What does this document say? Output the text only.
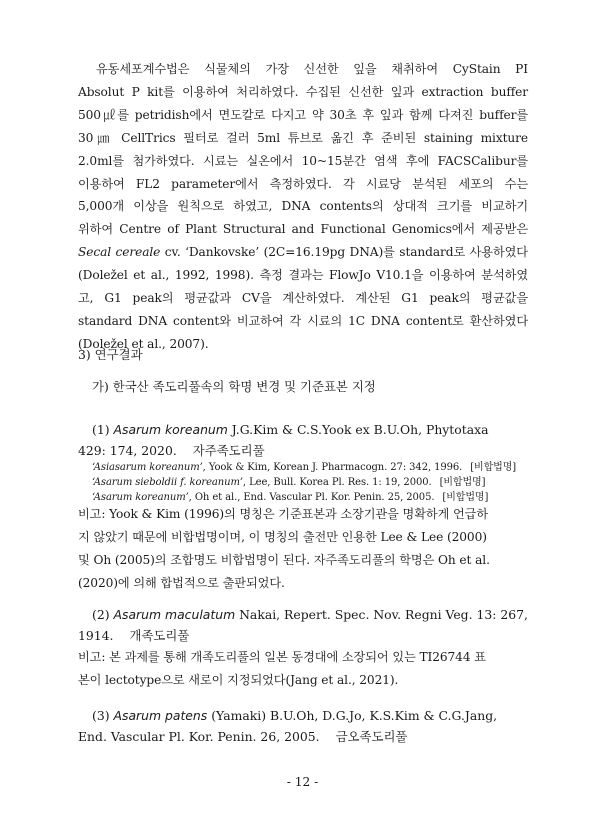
유동세포계수법은 식물체의 가장 신선한 잎을 채취하여 CyStain PI
Absolut P kit를 이용하여 처리하였다. 수집된 신선한 잎과 extraction buffer
500㎕를 petridish에서 면도칼로 다지고 약 30초 후 잎과 함께 다져진 buffer를
30㎛ CellTrics 필터로 걸러 5ml 튜브로 옮긴 후 준비된 staining mixture
2.0ml를 첨가하였다. 시료는 실온에서 10~15분간 염색 후에 FACSCalibur를
이용하여 FL2 parameter에서 측정하였다. 각 시료당 분석된 세포의 수는
5,000개 이상을 원칙으로 하였고, DNA contents의 상대적 크기를 비교하기
위하여 Centre of Plant Structural and Functional Genomics에서 제공받은
Secal cereale cv. ‘Dankovske’ (2C=16.19pg DNA)를 standard로 사용하였다
(Doležel et al., 1992, 1998). 측정 결과는 FlowJo V10.1을 이용하여 분석하였
고, G1 peak의 평균값과 CV을 계산하였다. 계산된 G1 peak의 평균값을
standard DNA content와 비교하여 각 시료의 1C DNA content로 환산하였다
(Doležel et al., 2007).
3) 연구결과
가) 한국산 족도리풀속의 학명 변경 및 기준표본 지정
(1) Asarum koreanum J.G.Kim & C.S.Yook ex B.U.Oh, Phytotaxa
429: 174, 2020. 자주족도리풀
‘Asiasarum koreanum’, Yook & Kim, Korean J. Pharmacogn. 27: 342, 1996. [비합법명]
‘Asarum sieboldii f. koreanum’, Lee, Bull. Korea Pl. Res. 1: 19, 2000. [비합법명]
‘Asarum koreanum’, Oh et al., End. Vascular Pl. Kor. Penin. 25, 2005. [비합법명]
비고: Yook & Kim (1996)의 명칭은 기준표본과 소장기관을 명확하게 언급하
지 않았기 때문에 비합법명이며, 이 명칭의 출전만 인용한 Lee & Lee (2000)
및 Oh (2005)의 조합명도 비합법명이 된다. 자주족도리풀의 학명은 Oh et al.
(2020)에 의해 합법적으로 출판되었다.
(2) Asarum maculatum Nakai, Repert. Spec. Nov. Regni Veg. 13: 267,
1914. 개족도리풀
비고: 본 과제를 통해 개족도리풀의 일본 동경대에 소장되어 있는 TI26744 표
본이 lectotype으로 새로이 지정되었다(Jang et al., 2021).
(3) Asarum patens (Yamaki) B.U.Oh, D.G.Jo, K.S.Kim & C.G.Jang,
End. Vascular Pl. Kor. Penin. 26, 2005. 금오족도리풀
- 12 -
